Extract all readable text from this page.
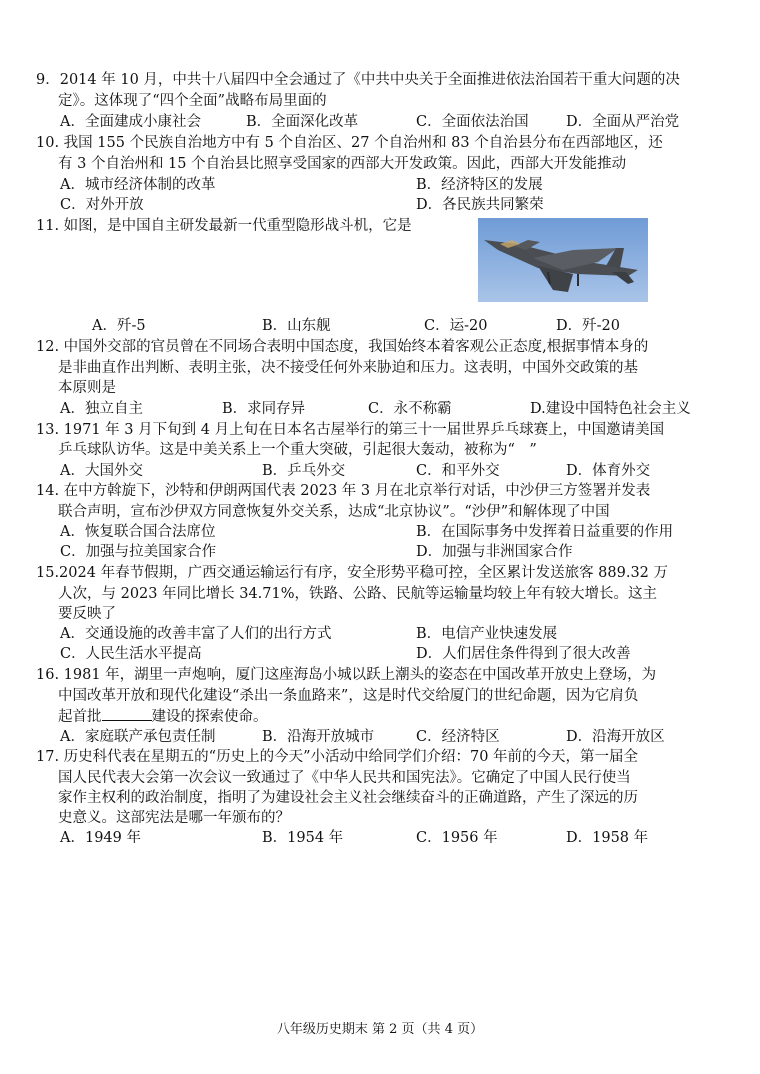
9．2014 年 10 月，中共十八届四中全会通过了《中共中央关于全面推进依法治国若干重大问题的决
定》。这体现了“四个全面”战略布局里面的
A．全面建成小康社会	B．全面深化改革	C．全面依法治国	D．全面从严治党
10. 我国 155 个民族自治地方中有 5 个自治区、27 个自治州和 83 个自治县分布在西部地区，还
有 3 个自治州和 15 个自治县比照享受国家的西部大开发政策。因此，西部大开发能推动
A．城市经济体制的改革	B．经济特区的发展
C．对外开放	D．各民族共同繁荣
11. 如图，是中国自主研发最新一代重型隐形战斗机，它是
A．歼-5	B．山东舰	C．运-20	D．歼-20
12. 中国外交部的官员曾在不同场合表明中国态度，我国始终本着客观公正态度,根据事情本身的
是非曲直作出判断、表明主张，决不接受任何外来胁迫和压力。这表明，中国外交政策的基
本原则是
A．独立自主	B．求同存异	C．永不称霸	D.建设中国特色社会主义
13. 1971 年 3 月下旬到 4 月上旬在日本名古屋举行的第三十一届世界乒乓球赛上，中国邀请美国
乒乓球队访华。这是中美关系上一个重大突破，引起很大轰动，被称为“　”
A．大国外交	B．乒乓外交	C．和平外交	D．体育外交
14. 在中方斡旋下，沙特和伊朗两国代表 2023 年 3 月在北京举行对话，中沙伊三方签署并发表
联合声明，宣布沙伊双方同意恢复外交关系，达成“北京协议”。“沙伊”和解体现了中国
A．恢复联合国合法席位	B．在国际事务中发挥着日益重要的作用
C．加强与拉美国家合作	D．加强与非洲国家合作
15.2024 年春节假期，广西交通运输运行有序，安全形势平稳可控，全区累计发送旅客 889.32 万
人次，与 2023 年同比增长 34.71%，铁路、公路、民航等运输量均较上年有较大增长。这主
要反映了
A．交通设施的改善丰富了人们的出行方式	B．电信产业快速发展
C．人民生活水平提高	D．人们居住条件得到了很大改善
16. 1981 年，湖里一声炮响，厦门这座海岛小城以跃上潮头的姿态在中国改革开放史上登场，为
中国改革开放和现代化建设“杀出一条血路来”，这是时代交给厦门的世纪命题，因为它肩负
起首批	建设的探索使命。
A．家庭联产承包责任制	B．沿海开放城市	C．经济特区	D．沿海开放区
17. 历史科代表在星期五的“历史上的今天”小活动中给同学们介绍：70 年前的今天，第一届全
国人民代表大会第一次会议一致通过了《中华人民共和国宪法》。它确定了中国人民行使当
家作主权利的政治制度，指明了为建设社会主义社会继续奋斗的正确道路，产生了深远的历
史意义。这部宪法是哪一年颁布的？
A．1949 年	B．1954 年	C．1956 年	D．1958 年
八年级历史期末 第 2 页（共 4 页）
